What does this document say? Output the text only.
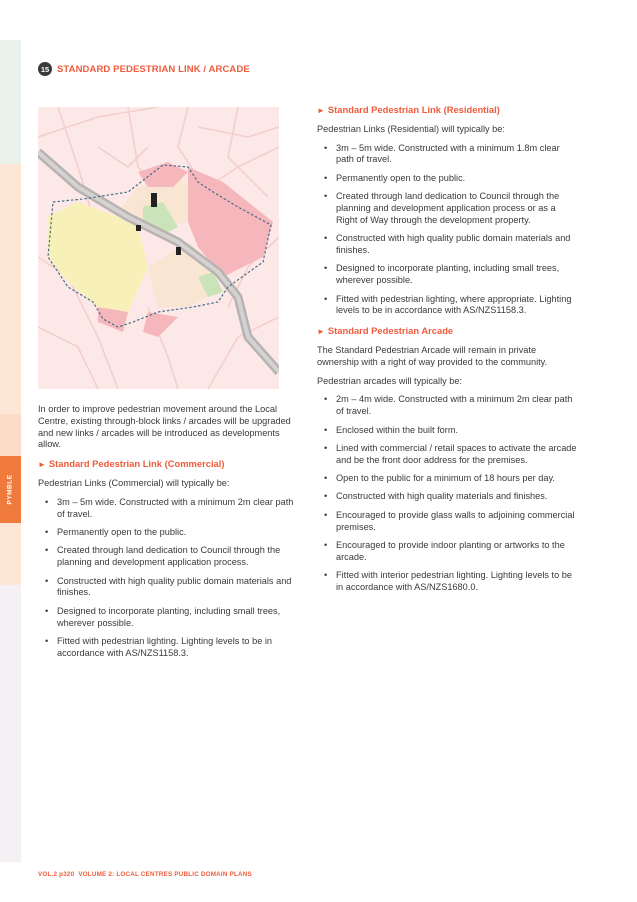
PYMBLE
15 STANDARD PEDESTRIAN LINK / ARCADE

In order to improve pedestrian movement around the Local Centre, existing through-block links / arcades will be upgraded and new links / arcades will be introduced as developments allow.

► Standard Pedestrian Link (Commercial)

Pedestrian Links (Commercial) will typically be:

• 3m – 5m wide. Constructed with a minimum 2m clear path of travel.
• Permanently open to the public.
• Created through land dedication to Council through the planning and development application process.
• Constructed with high quality public domain materials and finishes.
• Designed to incorporate planting, including small trees, wherever possible.
• Fitted with pedestrian lighting. Lighting levels to be in accordance with AS/NZS1158.3.
► Standard Pedestrian Link (Residential)

Pedestrian Links (Residential) will typically be:

• 3m – 5m wide. Constructed with a minimum 1.8m clear path of travel.
• Permanently open to the public.
• Created through land dedication to Council through the planning and development application process or as a Right of Way through the development property.
• Constructed with high quality public domain materials and finishes.
• Designed to incorporate planting, including small trees, wherever possible.
• Fitted with pedestrian lighting, where appropriate. Lighting levels to be in accordance with AS/NZS1158.3.
► Standard Pedestrian Arcade

The Standard Pedestrian Arcade will remain in private ownership with a right of way provided to the community.

Pedestrian arcades will typically be:

• 2m – 4m wide. Constructed with a minimum 2m clear path of travel.
• Enclosed within the built form.
• Lined with commercial / retail spaces to activate the arcade and be the front door address for the premises.
• Open to the public for a minimum of 18 hours per day.
• Constructed with high quality materials and finishes.
• Encouraged to provide glass walls to adjoining commercial premises.
• Encouraged to provide indoor planting or artworks to the arcade.
• Fitted with interior pedestrian lighting. Lighting levels to be in accordance with AS/NZS1680.0.
VOL.2 p320 VOLUME 2: LOCAL CENTRES PUBLIC DOMAIN PLANS
